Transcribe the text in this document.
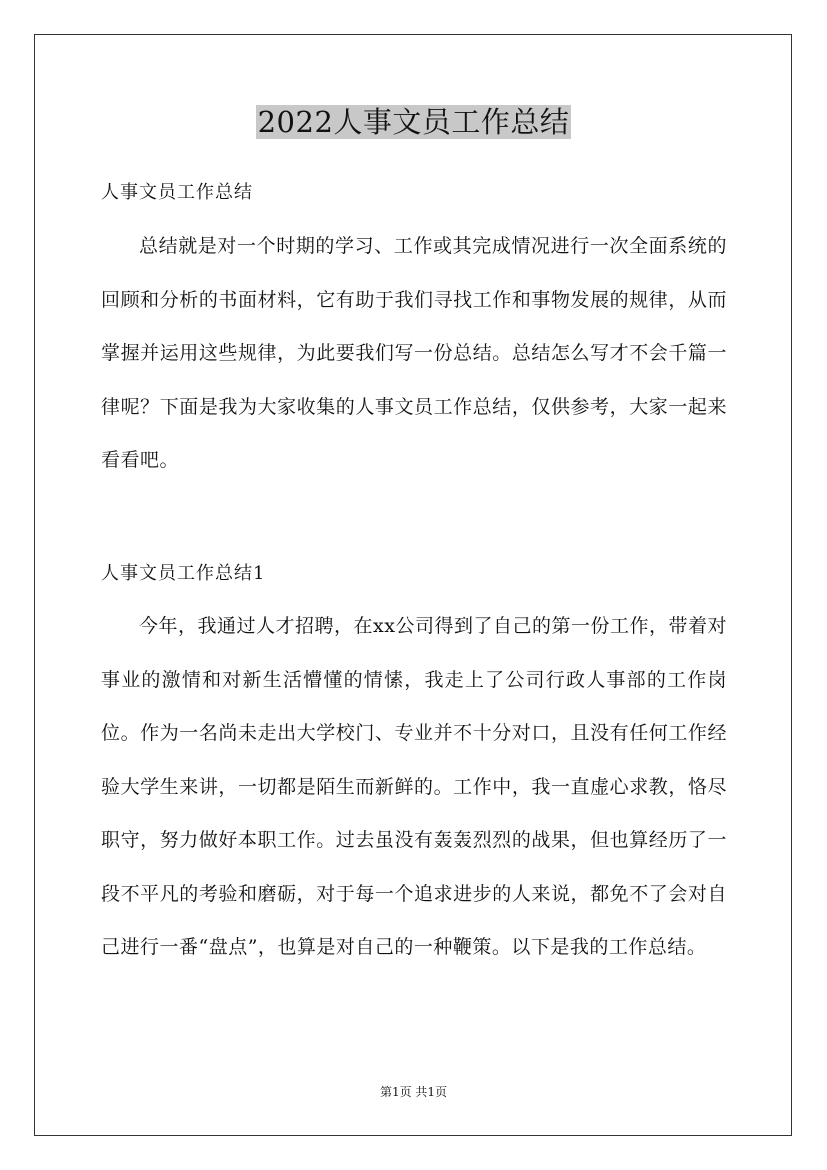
2022人事文员工作总结
人事文员工作总结

总结就是对一个时期的学习、工作或其完成情况进行一次全面系统的回顾和分析的书面材料，它有助于我们寻找工作和事物发展的规律，从而掌握并运用这些规律，为此要我们写一份总结。总结怎么写才不会千篇一律呢？下面是我为大家收集的人事文员工作总结，仅供参考，大家一起来看看吧。

人事文员工作总结1

今年，我通过人才招聘，在xx公司得到了自己的第一份工作，带着对事业的激情和对新生活懵懂的情愫，我走上了公司行政人事部的工作岗位。作为一名尚未走出大学校门、专业并不十分对口，且没有任何工作经验大学生来讲，一切都是陌生而新鲜的。工作中，我一直虚心求教，恪尽职守，努力做好本职工作。过去虽没有轰轰烈烈的战果，但也算经历了一段不平凡的考验和磨砺，对于每一个追求进步的人来说，都免不了会对自己进行一番“盘点”，也算是对自己的一种鞭策。以下是我的工作总结。

第1页 共1页
